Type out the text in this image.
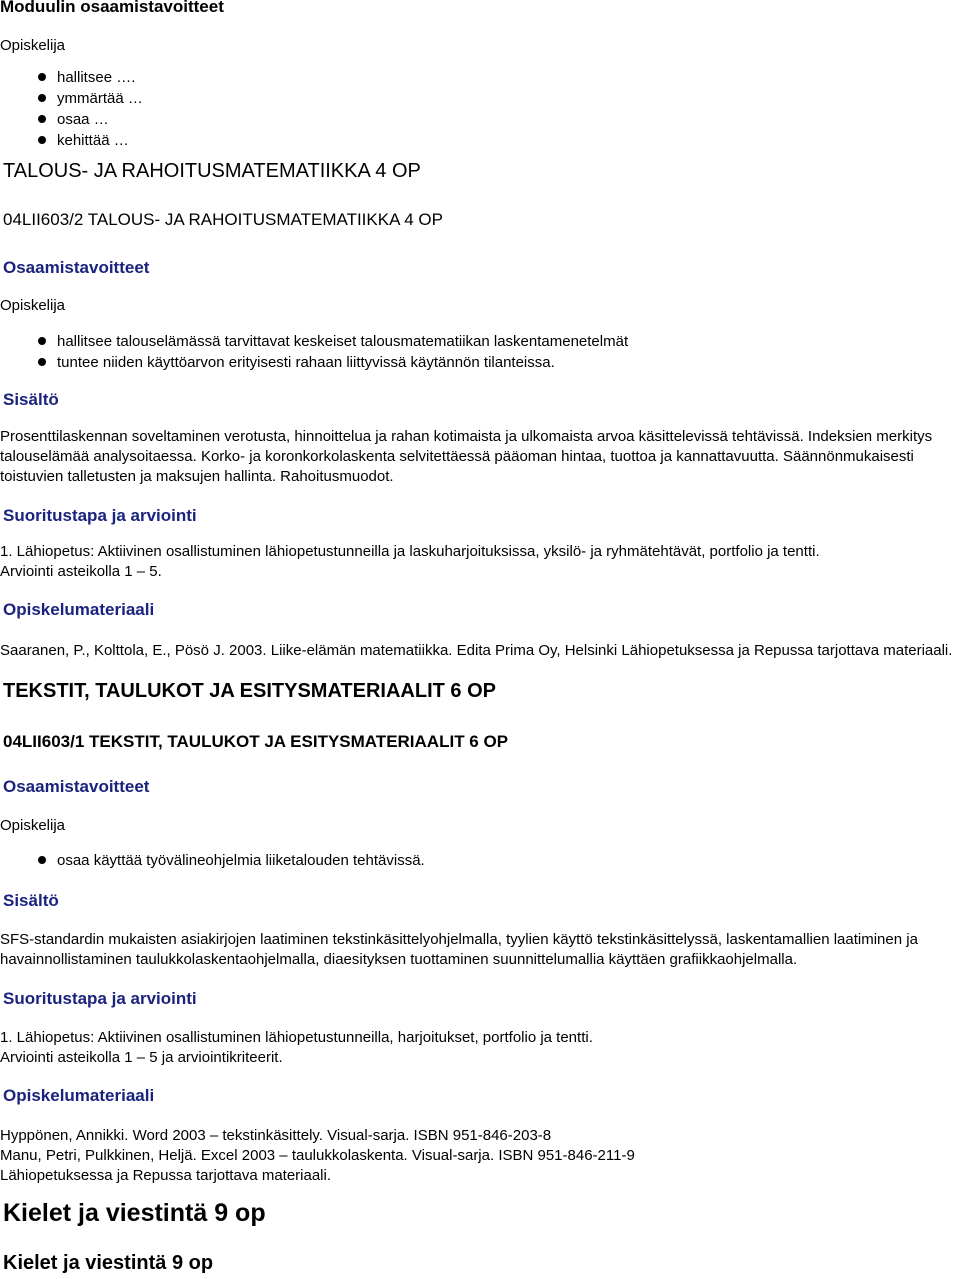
Moduulin osaamistavoitteet
Opiskelija
hallitsee ….
ymmärtää …
osaa …
kehittää …
TALOUS- JA RAHOITUSMATEMATIIKKA 4 OP
04LII603/2 TALOUS- JA RAHOITUSMATEMATIIKKA 4 OP
Osaamistavoitteet
Opiskelija
hallitsee talouselämässä tarvittavat keskeiset talousmatematiikan laskentamenetelmät
tuntee niiden käyttöarvon erityisesti rahaan liittyvissä käytännön tilanteissa.
Sisältö
Prosenttilaskennan soveltaminen verotusta, hinnoittelua ja rahan kotimaista ja ulkomaista arvoa käsittelevissä tehtävissä. Indeksien merkitys
talouselämää analysoitaessa. Korko- ja koronkorkolaskenta selvitettäessä pääoman hintaa, tuottoa ja kannattavuutta. Säännönmukaisesti
toistuvien talletusten ja maksujen hallinta. Rahoitusmuodot.
Suoritustapa ja arviointi
1. Lähiopetus: Aktiivinen osallistuminen lähiopetustunneilla ja laskuharjoituksissa, yksilö- ja ryhmätehtävät, portfolio ja tentti.
Arviointi asteikolla 1 – 5.
Opiskelumateriaali
Saaranen, P., Kolttola, E., Pösö J. 2003. Liike-elämän matematiikka. Edita Prima Oy, Helsinki Lähiopetuksessa ja Repussa tarjottava materiaali.
TEKSTIT, TAULUKOT JA ESITYSMATERIAALIT 6 OP
04LII603/1 TEKSTIT, TAULUKOT JA ESITYSMATERIAALIT 6 OP
Osaamistavoitteet
Opiskelija
osaa käyttää työvälineohjelmia liiketalouden tehtävissä.
Sisältö
SFS-standardin mukaisten asiakirjojen laatiminen tekstinkäsittelyohjelmalla, tyylien käyttö tekstinkäsittelyssä, laskentamallien laatiminen ja
havainnollistaminen taulukkolaskentaohjelmalla, diaesityksen tuottaminen suunnittelumallia käyttäen grafiikkaohjelmalla.
Suoritustapa ja arviointi
1. Lähiopetus: Aktiivinen osallistuminen lähiopetustunneilla, harjoitukset, portfolio ja tentti.
Arviointi asteikolla 1 – 5 ja arviointikriteerit.
Opiskelumateriaali
Hyppönen, Annikki. Word 2003 – tekstinkäsittely. Visual-sarja. ISBN 951-846-203-8
Manu, Petri, Pulkkinen, Heljä. Excel 2003 – taulukkolaskenta. Visual-sarja. ISBN 951-846-211-9
Lähiopetuksessa ja Repussa tarjottava materiaali.
Kielet ja viestintä 9 op
Kielet ja viestintä 9 op
